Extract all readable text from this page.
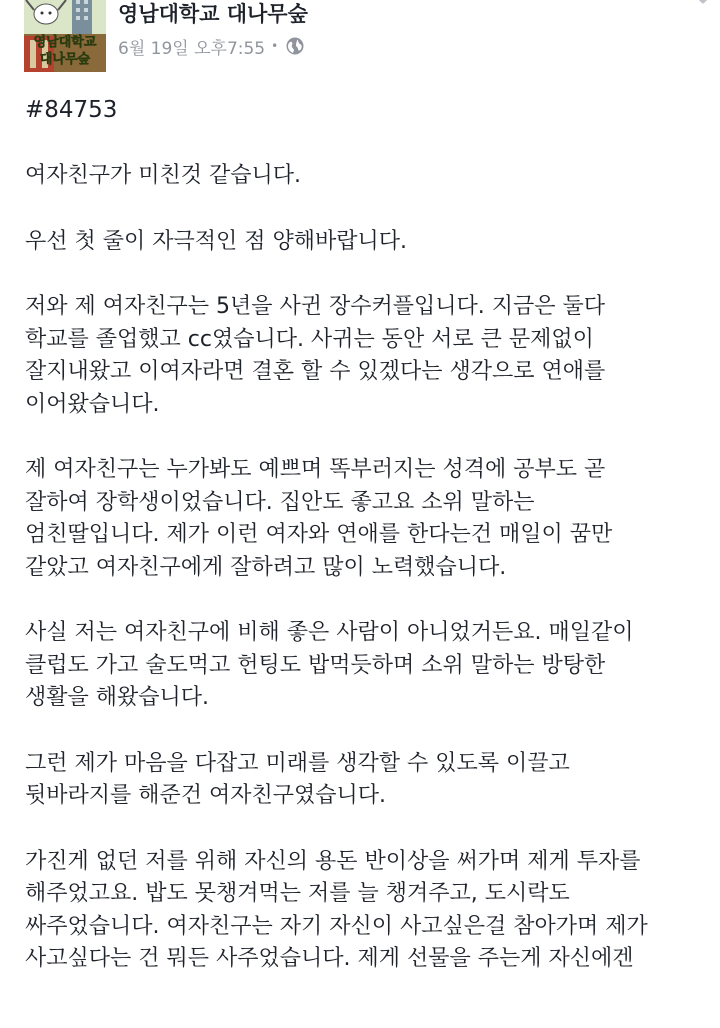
영남대학교
대나무숲
영남대학교 대나무숲
6월 19일 오후7:55 •

#84753

여자친구가 미친것 같습니다.

우선 첫 줄이 자극적인 점 양해바랍니다.

저와 제 여자친구는 5년을 사귄 장수커플입니다. 지금은 둘다
학교를 졸업했고 cc였습니다. 사귀는 동안 서로 큰 문제없이
잘지내왔고 이여자라면 결혼 할 수 있겠다는 생각으로 연애를
이어왔습니다.

제 여자친구는 누가봐도 예쁘며 똑부러지는 성격에 공부도 곧
잘하여 장학생이었습니다. 집안도 좋고요 소위 말하는
엄친딸입니다. 제가 이런 여자와 연애를 한다는건 매일이 꿈만
같았고 여자친구에게 잘하려고 많이 노력했습니다.

사실 저는 여자친구에 비해 좋은 사람이 아니었거든요. 매일같이
클럽도 가고 술도먹고 헌팅도 밥먹듯하며 소위 말하는 방탕한
생활을 해왔습니다.

그런 제가 마음을 다잡고 미래를 생각할 수 있도록 이끌고
뒷바라지를 해준건 여자친구였습니다.

가진게 없던 저를 위해 자신의 용돈 반이상을 써가며 제게 투자를
해주었고요. 밥도 못챙겨먹는 저를 늘 챙겨주고, 도시락도
싸주었습니다. 여자친구는 자기 자신이 사고싶은걸 참아가며 제가
사고싶다는 건 뭐든 사주었습니다. 제게 선물을 주는게 자신에겐
